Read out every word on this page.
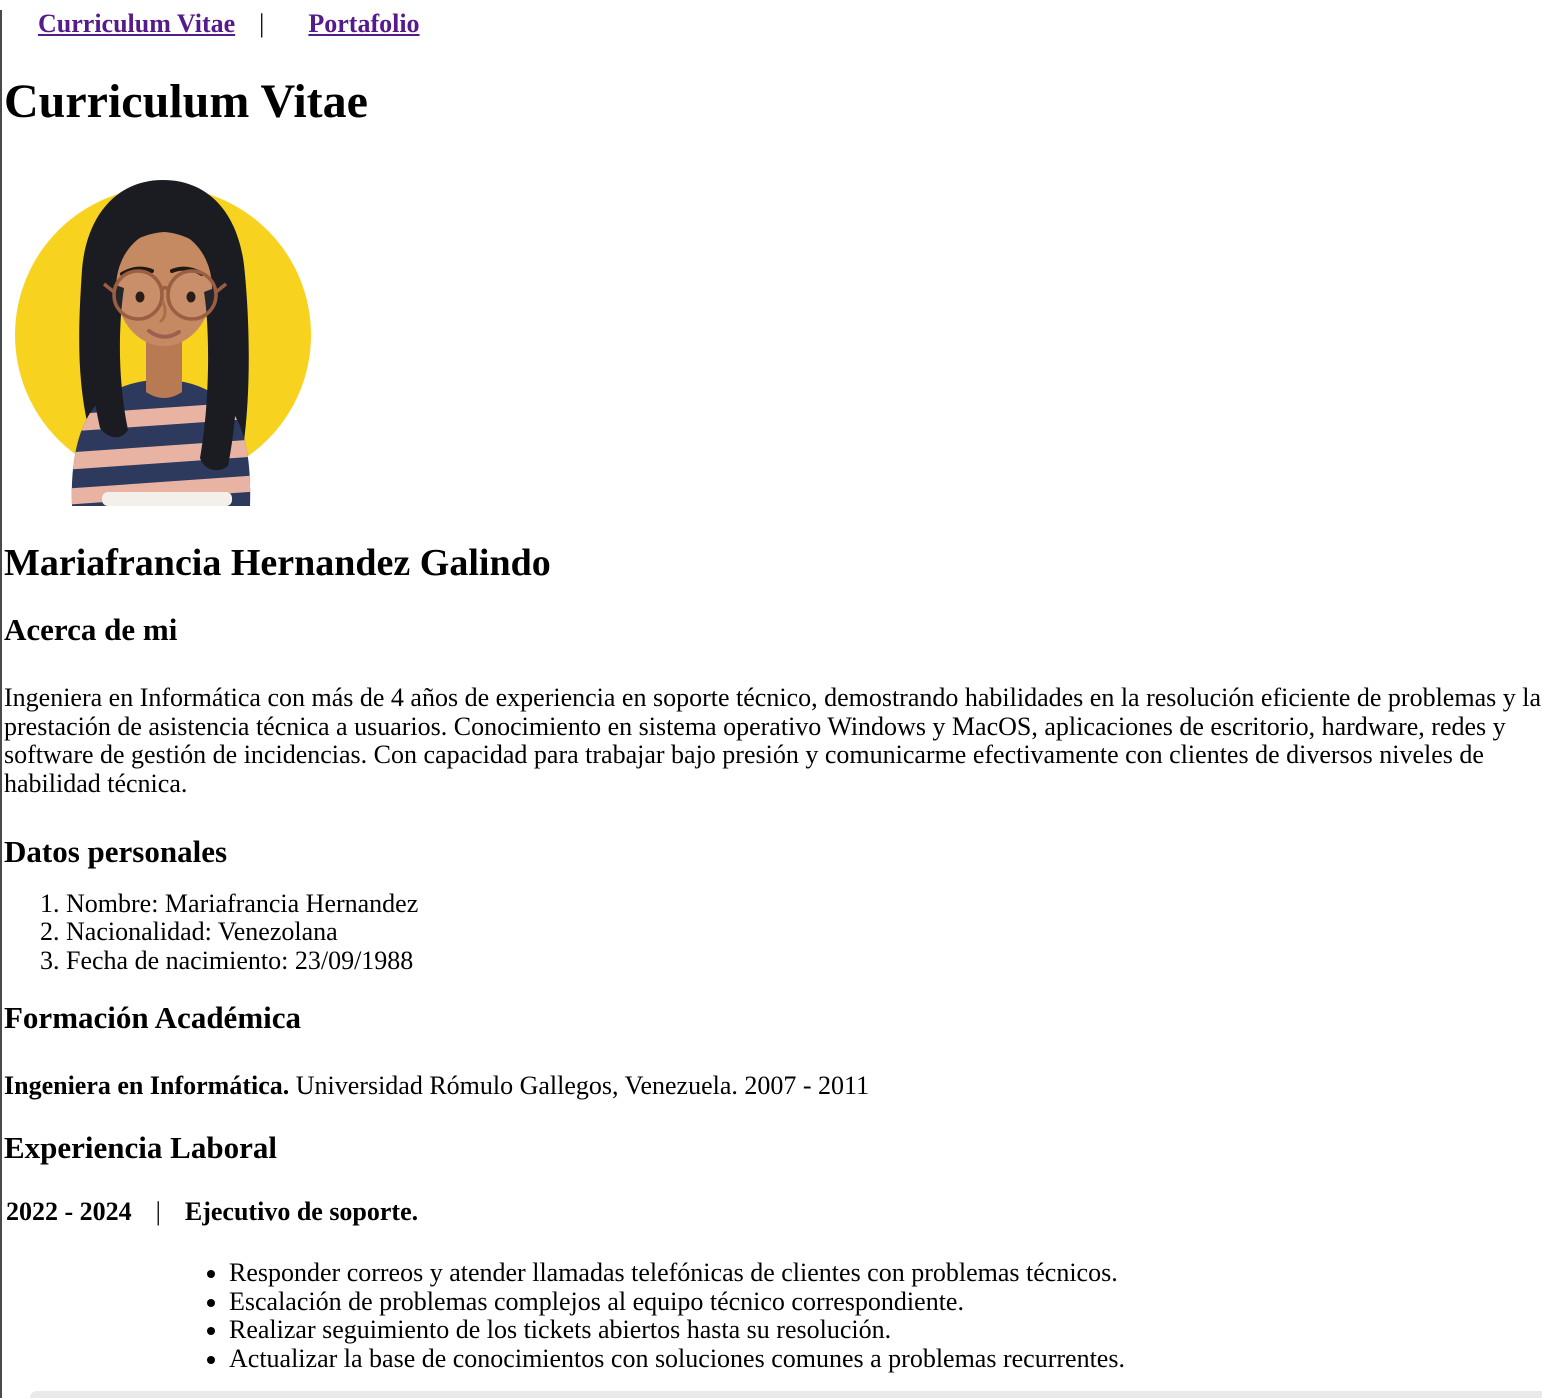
Curriculum Vitae | Portafolio

Curriculum Vitae
Mariafrancia Hernandez Galindo
Acerca de mi

Ingeniera en Informática con más de 4 años de experiencia en soporte técnico, demostrando habilidades en la resolución eficiente de problemas y la prestación de asistencia técnica a usuarios. Conocimiento en sistema operativo Windows y MacOS, aplicaciones de escritorio, hardware, redes y software de gestión de incidencias. Con capacidad para trabajar bajo presión y comunicarme efectivamente con clientes de diversos niveles de habilidad técnica.

Datos personales
1. Nombre: Mariafrancia Hernandez
2. Nacionalidad: Venezolana
3. Fecha de nacimiento: 23/09/1988
Formación Académica

Ingeniera en Informática. Universidad Rómulo Gallegos, Venezuela. 2007 - 2011

Experiencia Laboral
2022 - 2024 | Ejecutivo de soporte.
• Responder correos y atender llamadas telefónicas de clientes con problemas técnicos.
• Escalación de problemas complejos al equipo técnico correspondiente.
• Realizar seguimiento de los tickets abiertos hasta su resolución.
• Actualizar la base de conocimientos con soluciones comunes a problemas recurrentes.
